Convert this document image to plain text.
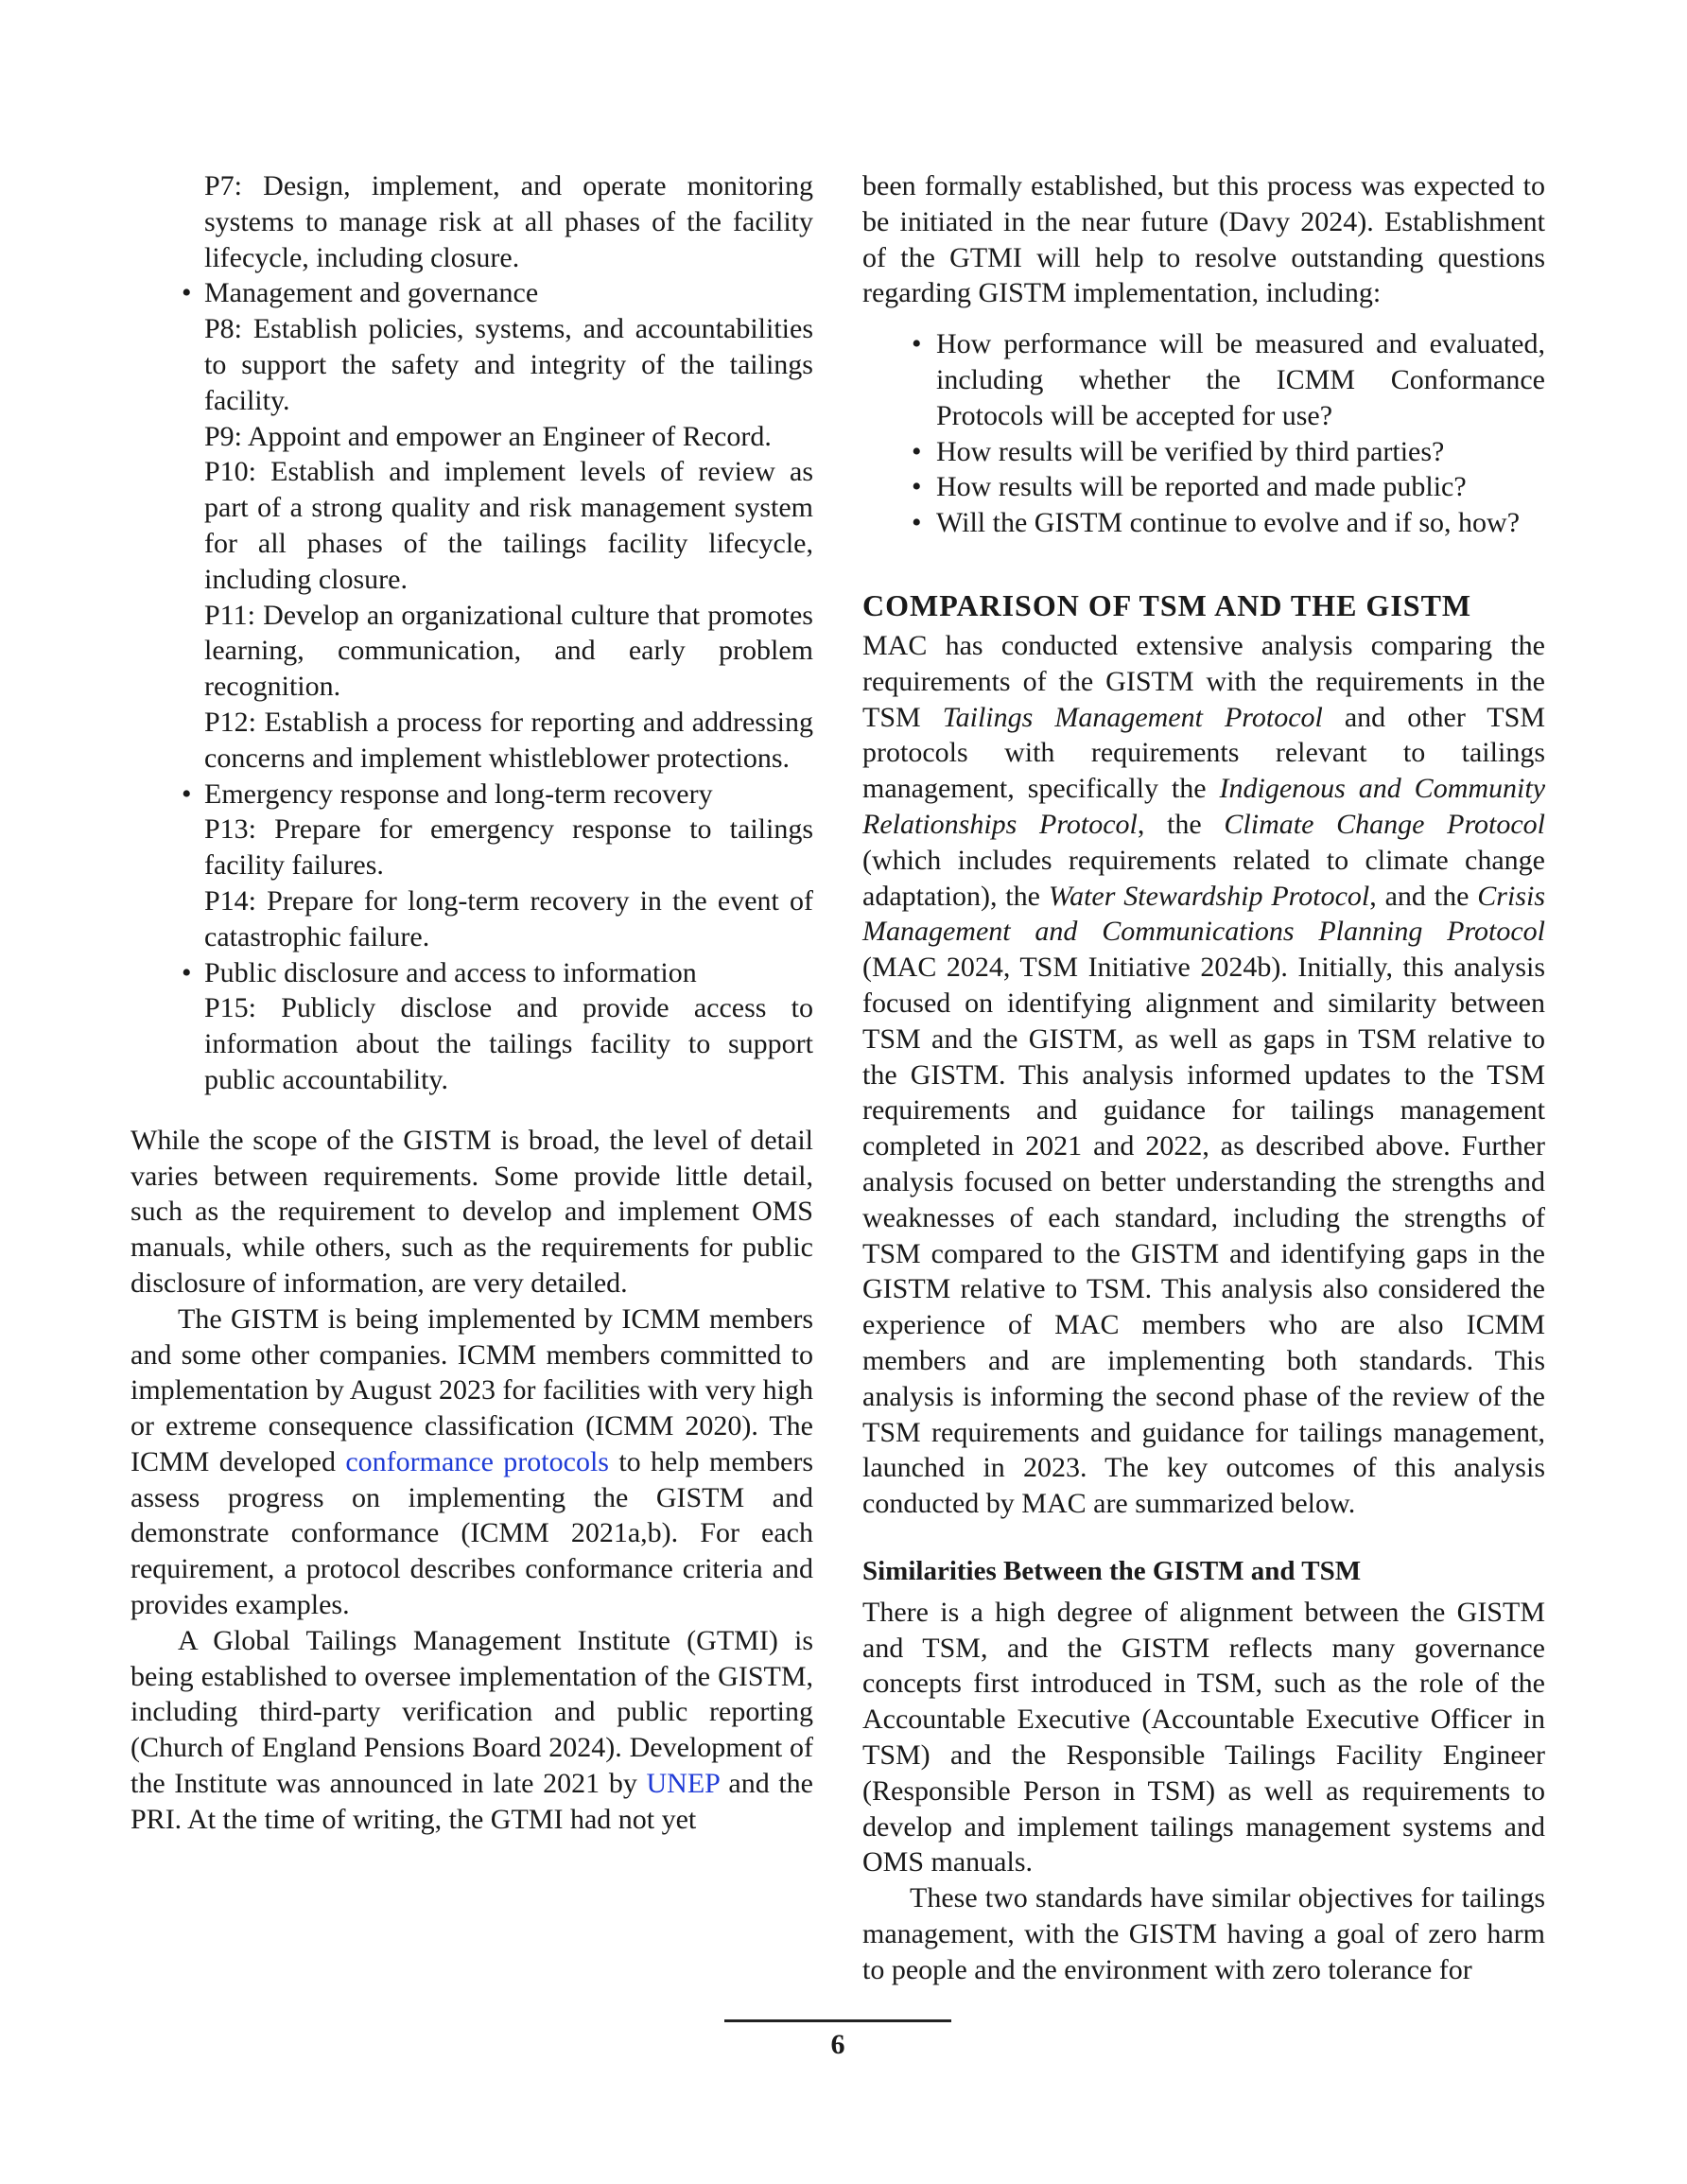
P7: Design, implement, and operate monitoring systems to manage risk at all phases of the facility lifecycle, including closure.

• Management and governance

P8: Establish policies, systems, and accountabilities to support the safety and integrity of the tailings facility.

P9: Appoint and empower an Engineer of Record.

P10: Establish and implement levels of review as part of a strong quality and risk management system for all phases of the tailings facility lifecycle, including closure.

P11: Develop an organizational culture that promotes learning, communication, and early problem recognition.

P12: Establish a process for reporting and addressing concerns and implement whistleblower protections.

• Emergency response and long-term recovery

P13: Prepare for emergency response to tailings facility failures.

P14: Prepare for long-term recovery in the event of catastrophic failure.

• Public disclosure and access to information

P15: Publicly disclose and provide access to information about the tailings facility to support public accountability.

While the scope of the GISTM is broad, the level of detail varies between requirements. Some provide little detail, such as the requirement to develop and implement OMS manuals, while others, such as the requirements for public disclosure of information, are very detailed.

The GISTM is being implemented by ICMM members and some other companies. ICMM members committed to implementation by August 2023 for facilities with very high or extreme consequence classification (ICMM 2020). The ICMM developed conformance protocols to help members assess progress on implementing the GISTM and demonstrate conformance (ICMM 2021a,b). For each requirement, a protocol describes conformance criteria and provides examples.

A Global Tailings Management Institute (GTMI) is being established to oversee implementation of the GISTM, including third-party verification and public reporting (Church of England Pensions Board 2024). Development of the Institute was announced in late 2021 by UNEP and the PRI. At the time of writing, the GTMI had not yet

been formally established, but this process was expected to be initiated in the near future (Davy 2024). Establishment of the GTMI will help to resolve outstanding questions regarding GISTM implementation, including:

• How performance will be measured and evaluated, including whether the ICMM Conformance Protocols will be accepted for use?
• How results will be verified by third parties?
• How results will be reported and made public?
• Will the GISTM continue to evolve and if so, how?
COMPARISON OF TSM AND THE GISTM

MAC has conducted extensive analysis comparing the requirements of the GISTM with the requirements in the TSM Tailings Management Protocol and other TSM protocols with requirements relevant to tailings management, specifically the Indigenous and Community Relationships Protocol, the Climate Change Protocol (which includes requirements related to climate change adaptation), the Water Stewardship Protocol, and the Crisis Management and Communications Planning Protocol (MAC 2024, TSM Initiative 2024b). Initially, this analysis focused on identifying alignment and similarity between TSM and the GISTM, as well as gaps in TSM relative to the GISTM. This analysis informed updates to the TSM requirements and guidance for tailings management completed in 2021 and 2022, as described above. Further analysis focused on better understanding the strengths and weaknesses of each standard, including the strengths of TSM compared to the GISTM and identifying gaps in the GISTM relative to TSM. This analysis also considered the experience of MAC members who are also ICMM members and are implementing both standards. This analysis is informing the second phase of the review of the TSM requirements and guidance for tailings management, launched in 2023. The key outcomes of this analysis conducted by MAC are summarized below.

Similarities Between the GISTM and TSM

There is a high degree of alignment between the GISTM and TSM, and the GISTM reflects many governance concepts first introduced in TSM, such as the role of the Accountable Executive (Accountable Executive Officer in TSM) and the Responsible Tailings Facility Engineer (Responsible Person in TSM) as well as requirements to develop and implement tailings management systems and OMS manuals.

These two standards have similar objectives for tailings management, with the GISTM having a goal of zero harm to people and the environment with zero tolerance for

6
